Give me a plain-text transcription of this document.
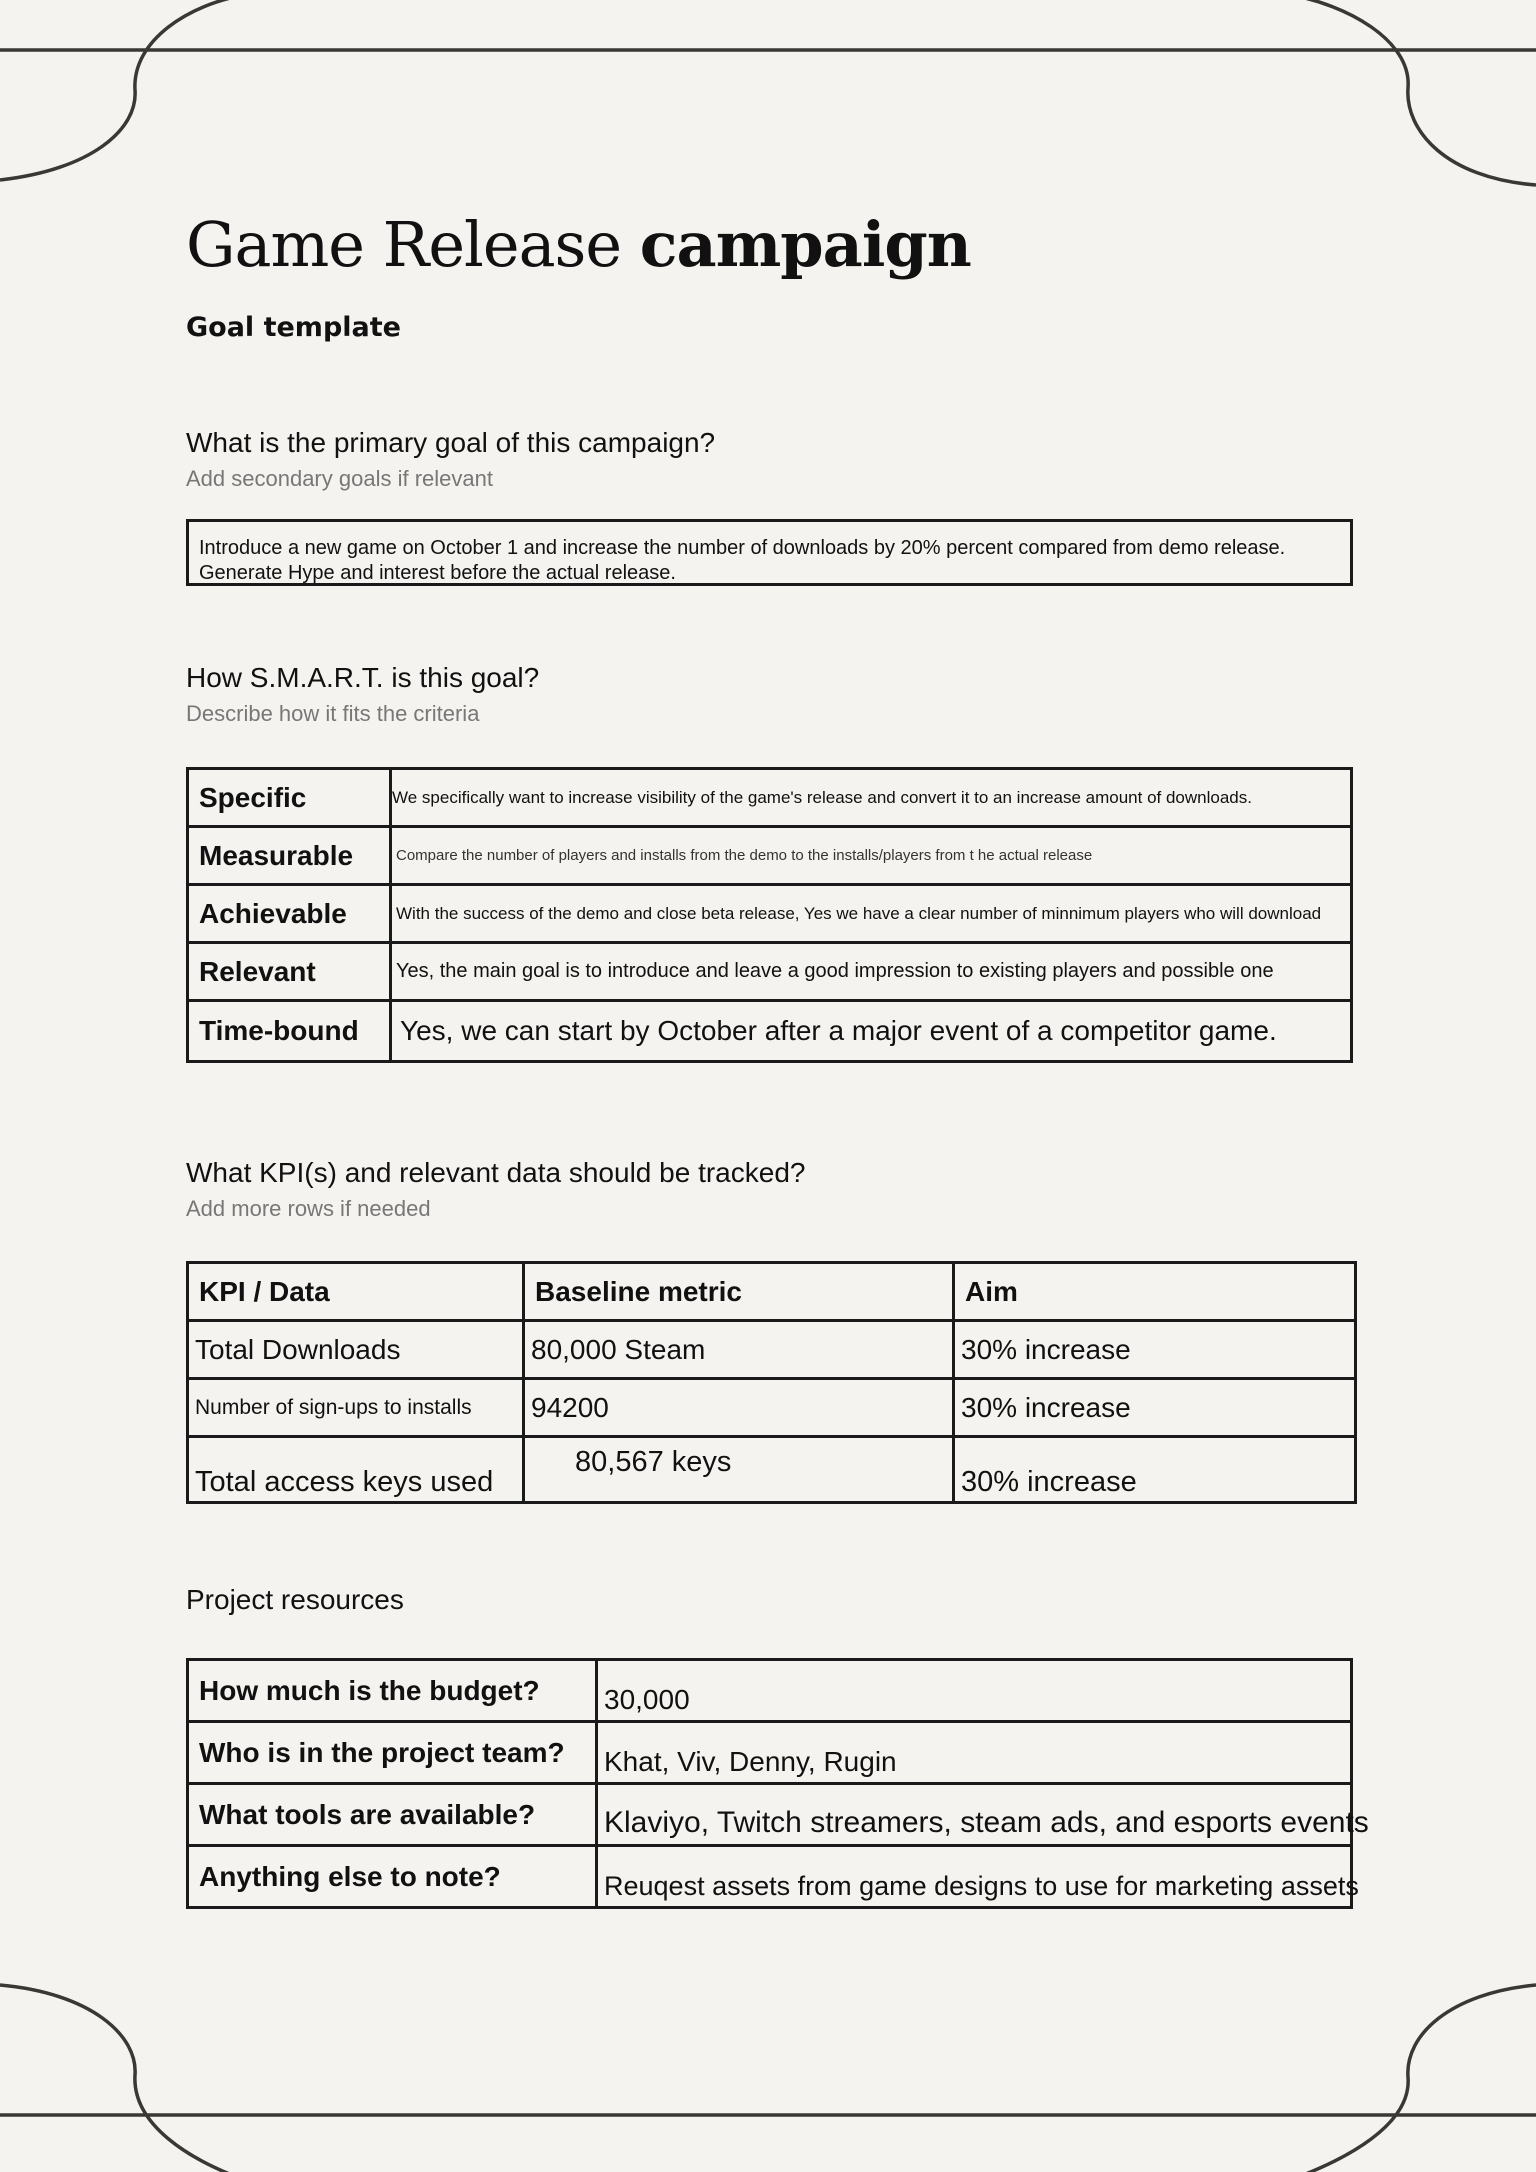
Game Release campaign
Goal template
What is the primary goal of this campaign?

Add secondary goals if relevant

Introduce a new game on October 1 and increase the number of downloads by 20% percent compared from demo release.
Generate Hype and interest before the actual release.
How S.M.A.R.T. is this goal?

Describe how it fits the criteria

Specific	We specifically want to increase visibility of the game's release and convert it to an increase amount of downloads.
Measurable	Compare the number of players and installs from the demo to the installs/players from t he actual release
Achievable	With the success of the demo and close beta release, Yes we have a clear number of minnimum players who will download
Relevant	Yes, the main goal is to introduce and leave a good impression to existing players and possible one
Time-bound	Yes, we can start by October after a major event of a competitor game.
What KPI(s) and relevant data should be tracked?

Add more rows if needed

KPI / Data	Baseline metric	Aim
Total Downloads	80,000 Steam	30% increase
Number of sign-ups to installs	94200	30% increase
Total access keys used	80,567 keys	30% increase
Project resources
How much is the budget?	30,000
Who is in the project team?	Khat, Viv, Denny, Rugin
What tools are available?	Klaviyo, Twitch streamers, steam ads, and esports events
Anything else to note?	Reuqest assets from game designs to use for marketing assets
